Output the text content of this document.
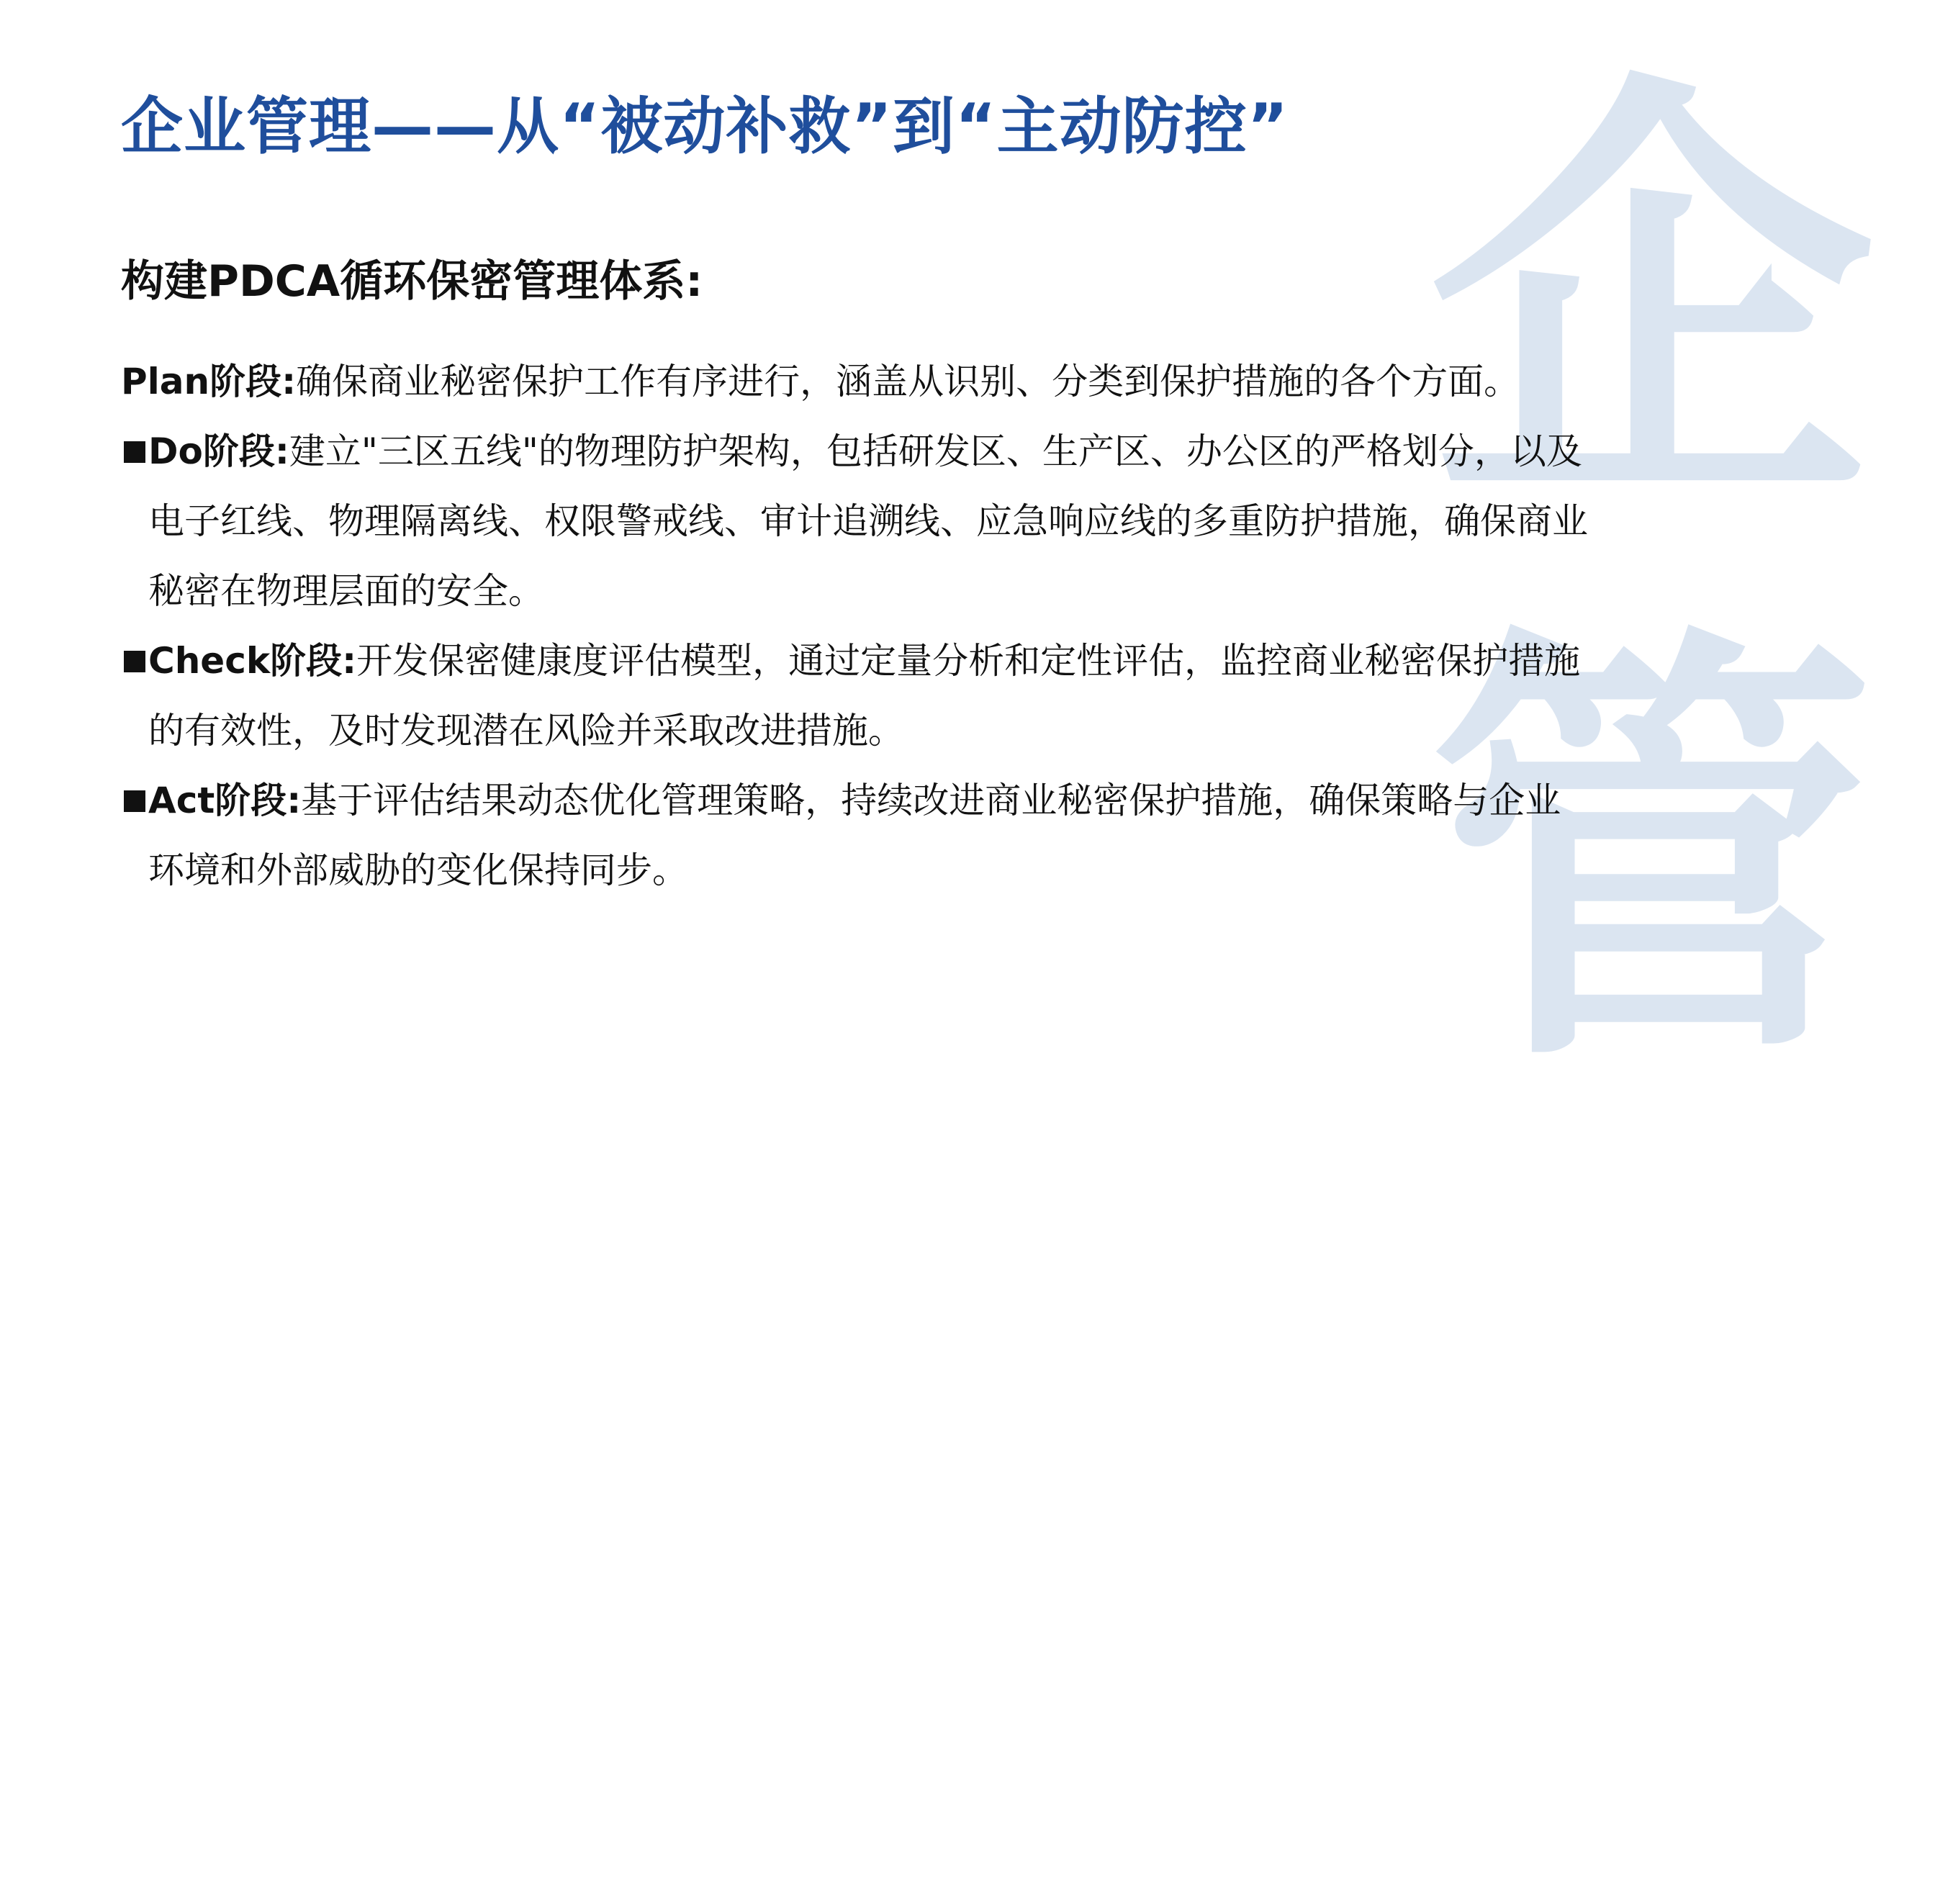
企
管
企业管理——从“被动补救”到“主动防控”
构建PDCA循环保密管理体系:
Plan阶段:确保商业秘密保护工作有序进行，涵盖从识别、分类到保护措施的各个方面。
Do阶段:建立"三区五线"的物理防护架构，包括研发区、生产区、办公区的严格划分，以及电子红线、物理隔离线、权限警戒线、审计追溯线、应急响应线的多重防护措施，确保商业秘密在物理层面的安全。
Check阶段:开发保密健康度评估模型，通过定量分析和定性评估，监控商业秘密保护措施的有效性，及时发现潜在风险并采取改进措施。
Act阶段:基于评估结果动态优化管理策略，持续改进商业秘密保护措施，确保策略与企业环境和外部威胁的变化保持同步。
